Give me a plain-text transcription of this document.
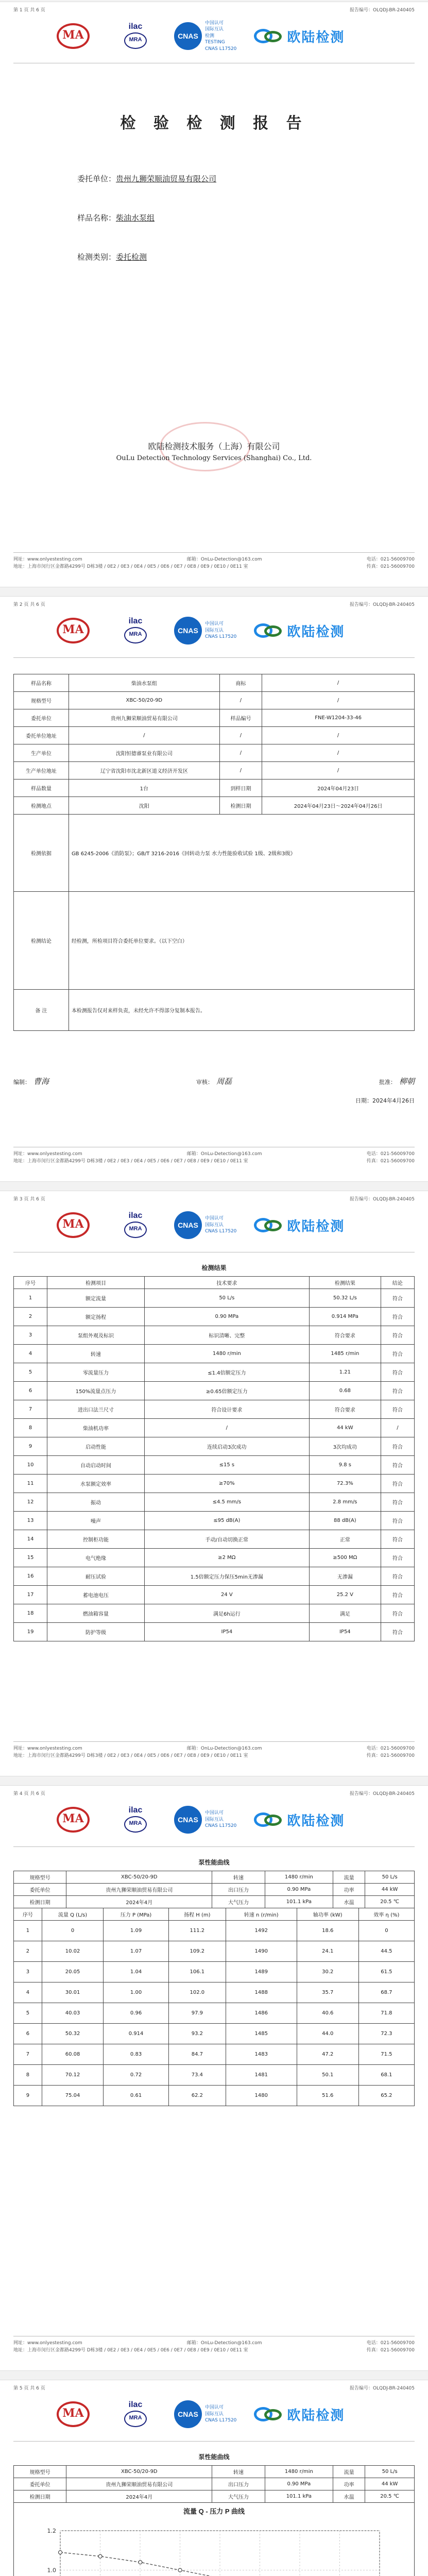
第 1 页 共 6 页	报告编号：OLQDJ-BR-240405
MA
ilac
MRA	CNAS
中国认可
国际互认
检测
TESTING
CNAS L17520
欧陆检测
检 验 检 测 报 告
委托单位：贵州九狮荣顺油贸易有限公司
样品名称：柴油水泵组
检测类别：委托检测
欧陆检测技术服务（上海）有限公司
OuLu Detection Technology Services (Shanghai) Co., Ltd.
网址：www.onlyestesting.com	邮箱：OnLu-Detection@163.com	电话：021-56009700
地址：上海市闵行区金都路4299号 D栋3楼 / 0E2 / 0E3 / 0E4 / 0E5 / 0E6 / 0E7 / 0E8 / 0E9 / 0E10 / 0E11 室	传真：021-56009700
第 2 页 共 6 页	报告编号：OLQDJ-BR-240405
MA
ilac
MRA	CNAS
中国认可
国际互认
CNAS L17520	欧陆检测
样品名称	柴油水泵组	商标	/
规格型号	XBC-50/20-9D	/	/
委托单位	贵州九狮荣顺油贸易有限公司	样品编号	FNE-W1204-33-46
委托单位地址	/	/	/
生产单位	沈阳恒德睿泵业有限公司	/	/
生产单位地址	辽宁省沈阳市沈北新区道义经济开发区	/	/
样品数量	1台	到样日期	2024年04月23日
检测地点	沈阳	检测日期	2024年04月23日～2024年04月26日
检测依据	GB 6245-2006《消防泵》；GB/T 3216-2016《回转动力泵 水力性能验收试验 1级、2级和3级》		
检测结论	经检测，所检项目符合委托单位要求。（以下空白）		
备 注	本检测报告仅对来样负责，未经允许不得部分复制本报告。		
编制： 曹海	审核： 周磊	批准： 柳朝
日期：2024年4月26日
网址：www.onlyestesting.com	邮箱：OnLu-Detection@163.com	电话：021-56009700
地址：上海市闵行区金都路4299号 D栋3楼 / 0E2 / 0E3 / 0E4 / 0E5 / 0E6 / 0E7 / 0E8 / 0E9 / 0E10 / 0E11 室	传真：021-56009700
第 3 页 共 6 页	报告编号：OLQDJ-BR-240405
MA
ilac
MRA	CNAS
中国认可
国际互认
CNAS L17520	欧陆检测
检测结果
序号	检测项目	技术要求	检测结果	结论
1	额定流量	50 L/s	50.32 L/s	符合
2	额定扬程	0.90 MPa	0.914 MPa	符合
3	泵组外观及标识	标识清晰、完整	符合要求	符合
4	转速	1480 r/min	1485 r/min	符合
5	零流量压力	≤1.4倍额定压力	1.21	符合
6	150%流量点压力	≥0.65倍额定压力	0.68	符合
7	进出口法兰尺寸	符合设计要求	符合要求	符合
8	柴油机功率	/	44 kW	/
9	启动性能	连续启动3次成功	3次均成功	符合
10	自动启动时间	≤15 s	9.8 s	符合
11	水泵额定效率	≥70%	72.3%	符合
12	振动	≤4.5 mm/s	2.8 mm/s	符合
13	噪声	≤95 dB(A)	88 dB(A)	符合
14	控制柜功能	手动/自动切换正常	正常	符合
15	电气绝缘	≥2 MΩ	≥500 MΩ	符合
16	耐压试验	1.5倍额定压力保压5min无渗漏	无渗漏	符合
17	蓄电池电压	24 V	25.2 V	符合
18	燃油箱容量	满足6h运行	满足	符合
19	防护等级	IP54	IP54	符合
网址：www.onlyestesting.com	邮箱：OnLu-Detection@163.com	电话：021-56009700
地址：上海市闵行区金都路4299号 D栋3楼 / 0E2 / 0E3 / 0E4 / 0E5 / 0E6 / 0E7 / 0E8 / 0E9 / 0E10 / 0E11 室	传真：021-56009700
第 4 页 共 6 页	报告编号：OLQDJ-BR-240405
MA
ilac
MRA	CNAS
中国认可
国际互认
CNAS L17520	欧陆检测
泵性能曲线
规格型号	XBC-50/20-9D	转速	1480 r/min	流量	50 L/s
委托单位	贵州九狮荣顺油贸易有限公司	出口压力	0.90 MPa	功率	44 kW
检测日期	2024年4月	大气压力	101.1 kPa	水温	20.5 ℃
序号	流量 Q (L/s)	压力 P (MPa)	扬程 H (m)	转速 n (r/min)	轴功率 (kW)	效率 η (%)
1	0	1.09	111.2	1492	18.6	0
2	10.02	1.07	109.2	1490	24.1	44.5
3	20.05	1.04	106.1	1489	30.2	61.5
4	30.01	1.00	102.0	1488	35.7	68.7
5	40.03	0.96	97.9	1486	40.6	71.8
6	50.32	0.914	93.2	1485	44.0	72.3
7	60.08	0.83	84.7	1483	47.2	71.5
8	70.12	0.72	73.4	1481	50.1	68.1
9	75.04	0.61	62.2	1480	51.6	65.2
网址：www.onlyestesting.com	邮箱：OnLu-Detection@163.com	电话：021-56009700
地址：上海市闵行区金都路4299号 D栋3楼 / 0E2 / 0E3 / 0E4 / 0E5 / 0E6 / 0E7 / 0E8 / 0E9 / 0E10 / 0E11 室	传真：021-56009700
第 5 页 共 6 页	报告编号：OLQDJ-BR-240405
MA
ilac
MRA	CNAS
中国认可
国际互认
CNAS L17520	欧陆检测
泵性能曲线
规格型号	XBC-50/20-9D	转速	1480 r/min	流量	50 L/s
委托单位	贵州九狮荣顺油贸易有限公司	出口压力	0.90 MPa	功率	44 kW
检测日期	2024年4月	大气压力	101.1 kPa	水温	20.5 ℃
流量 Q - 压力 P 曲线
1.0
1.2
